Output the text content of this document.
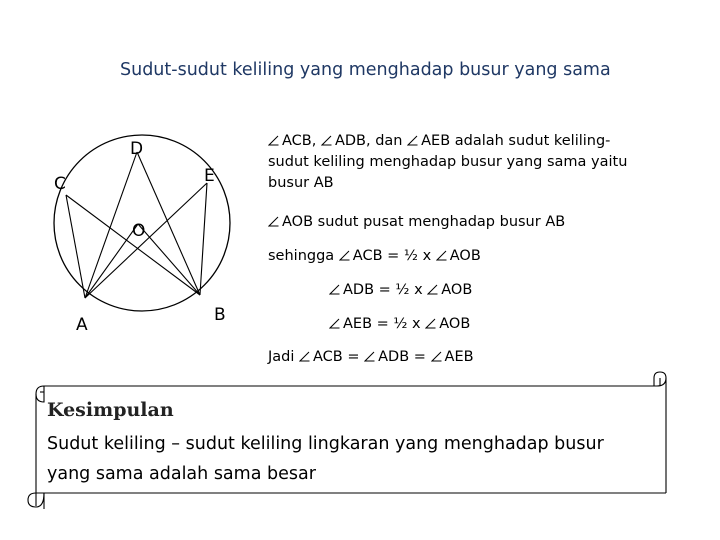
Sudut-sudut keliling yang menghadap busur yang sama
D
E
C
O
A	B
ACB, ADB, dan AEB adalah sudut keliling-
sudut keliling menghadap busur yang sama yaitu
busur AB
AOB sudut pusat menghadap busur AB
sehingga ACB = ½ x AOB
ADB = ½ x AOB
AEB = ½ x AOB
Jadi ACB = ADB = AEB
Kesimpulan
Sudut keliling – sudut keliling lingkaran yang menghadap busur
yang sama adalah sama besar
